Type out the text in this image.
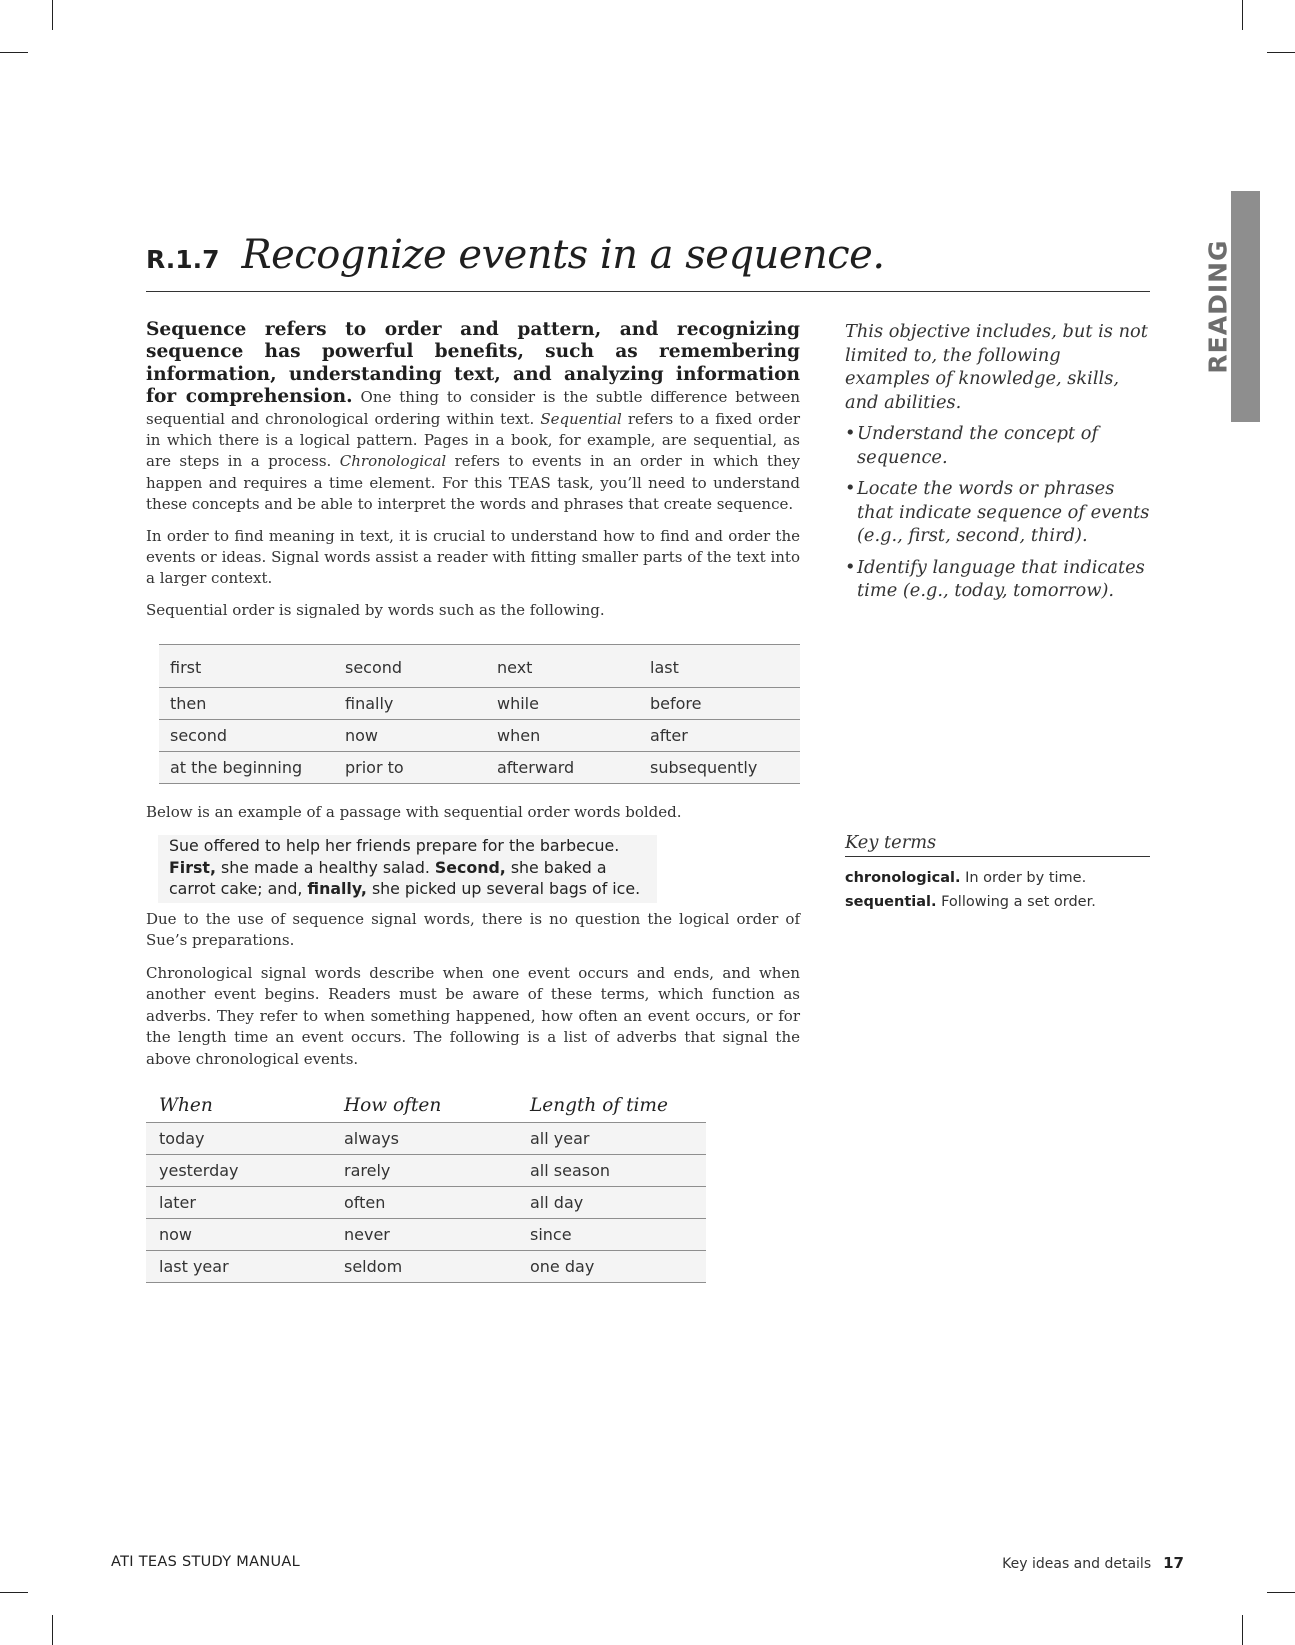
READING
R.1.7 Recognize events in a sequence.

Sequence refers to order and pattern, and recognizing sequence has powerful benefits, such as remembering information, understanding text, and analyzing information for comprehension. One thing to consider is the subtle difference between sequential and chronological ordering within text. Sequential refers to a fixed order in which there is a logical pattern. Pages in a book, for example, are sequential, as are steps in a process. Chronological refers to events in an order in which they happen and requires a time element. For this TEAS task, you’ll need to understand these concepts and be able to interpret the words and phrases that create sequence.

In order to find meaning in text, it is crucial to understand how to find and order the events or ideas. Signal words assist a reader with fitting smaller parts of the text into a larger context.

Sequential order is signaled by words such as the following.

first	second	next	last
then	finally	while	before
second	now	when	after
at the beginning	prior to	afterward	subsequently

Below is an example of a passage with sequential order words bolded.

Sue offered to help her friends prepare for the barbecue. First, she made a healthy salad. Second, she baked a carrot cake; and, finally, she picked up several bags of ice.

Due to the use of sequence signal words, there is no question the logical order of Sue’s preparations.

Chronological signal words describe when one event occurs and ends, and when another event begins. Readers must be aware of these terms, which function as adverbs. They refer to when something happened, how often an event occurs, or for the length time an event occurs. The following is a list of adverbs that signal the above chronological events.

When	How often	Length of time
today	always	all year
yesterday	rarely	all season
later	often	all day
now	never	since
last year	seldom	one day

This objective includes, but is not limited to, the following examples of knowledge, skills, and abilities.

•Understand the concept of sequence.
•Locate the words or phrases that indicate sequence of events (e.g., first, second, third).
•Identify language that indicates time (e.g., today, tomorrow).
Key terms
chronological. In order by time.
sequential. Following a set order.
ATI TEAS STUDY MANUAL	Key ideas and details 17
